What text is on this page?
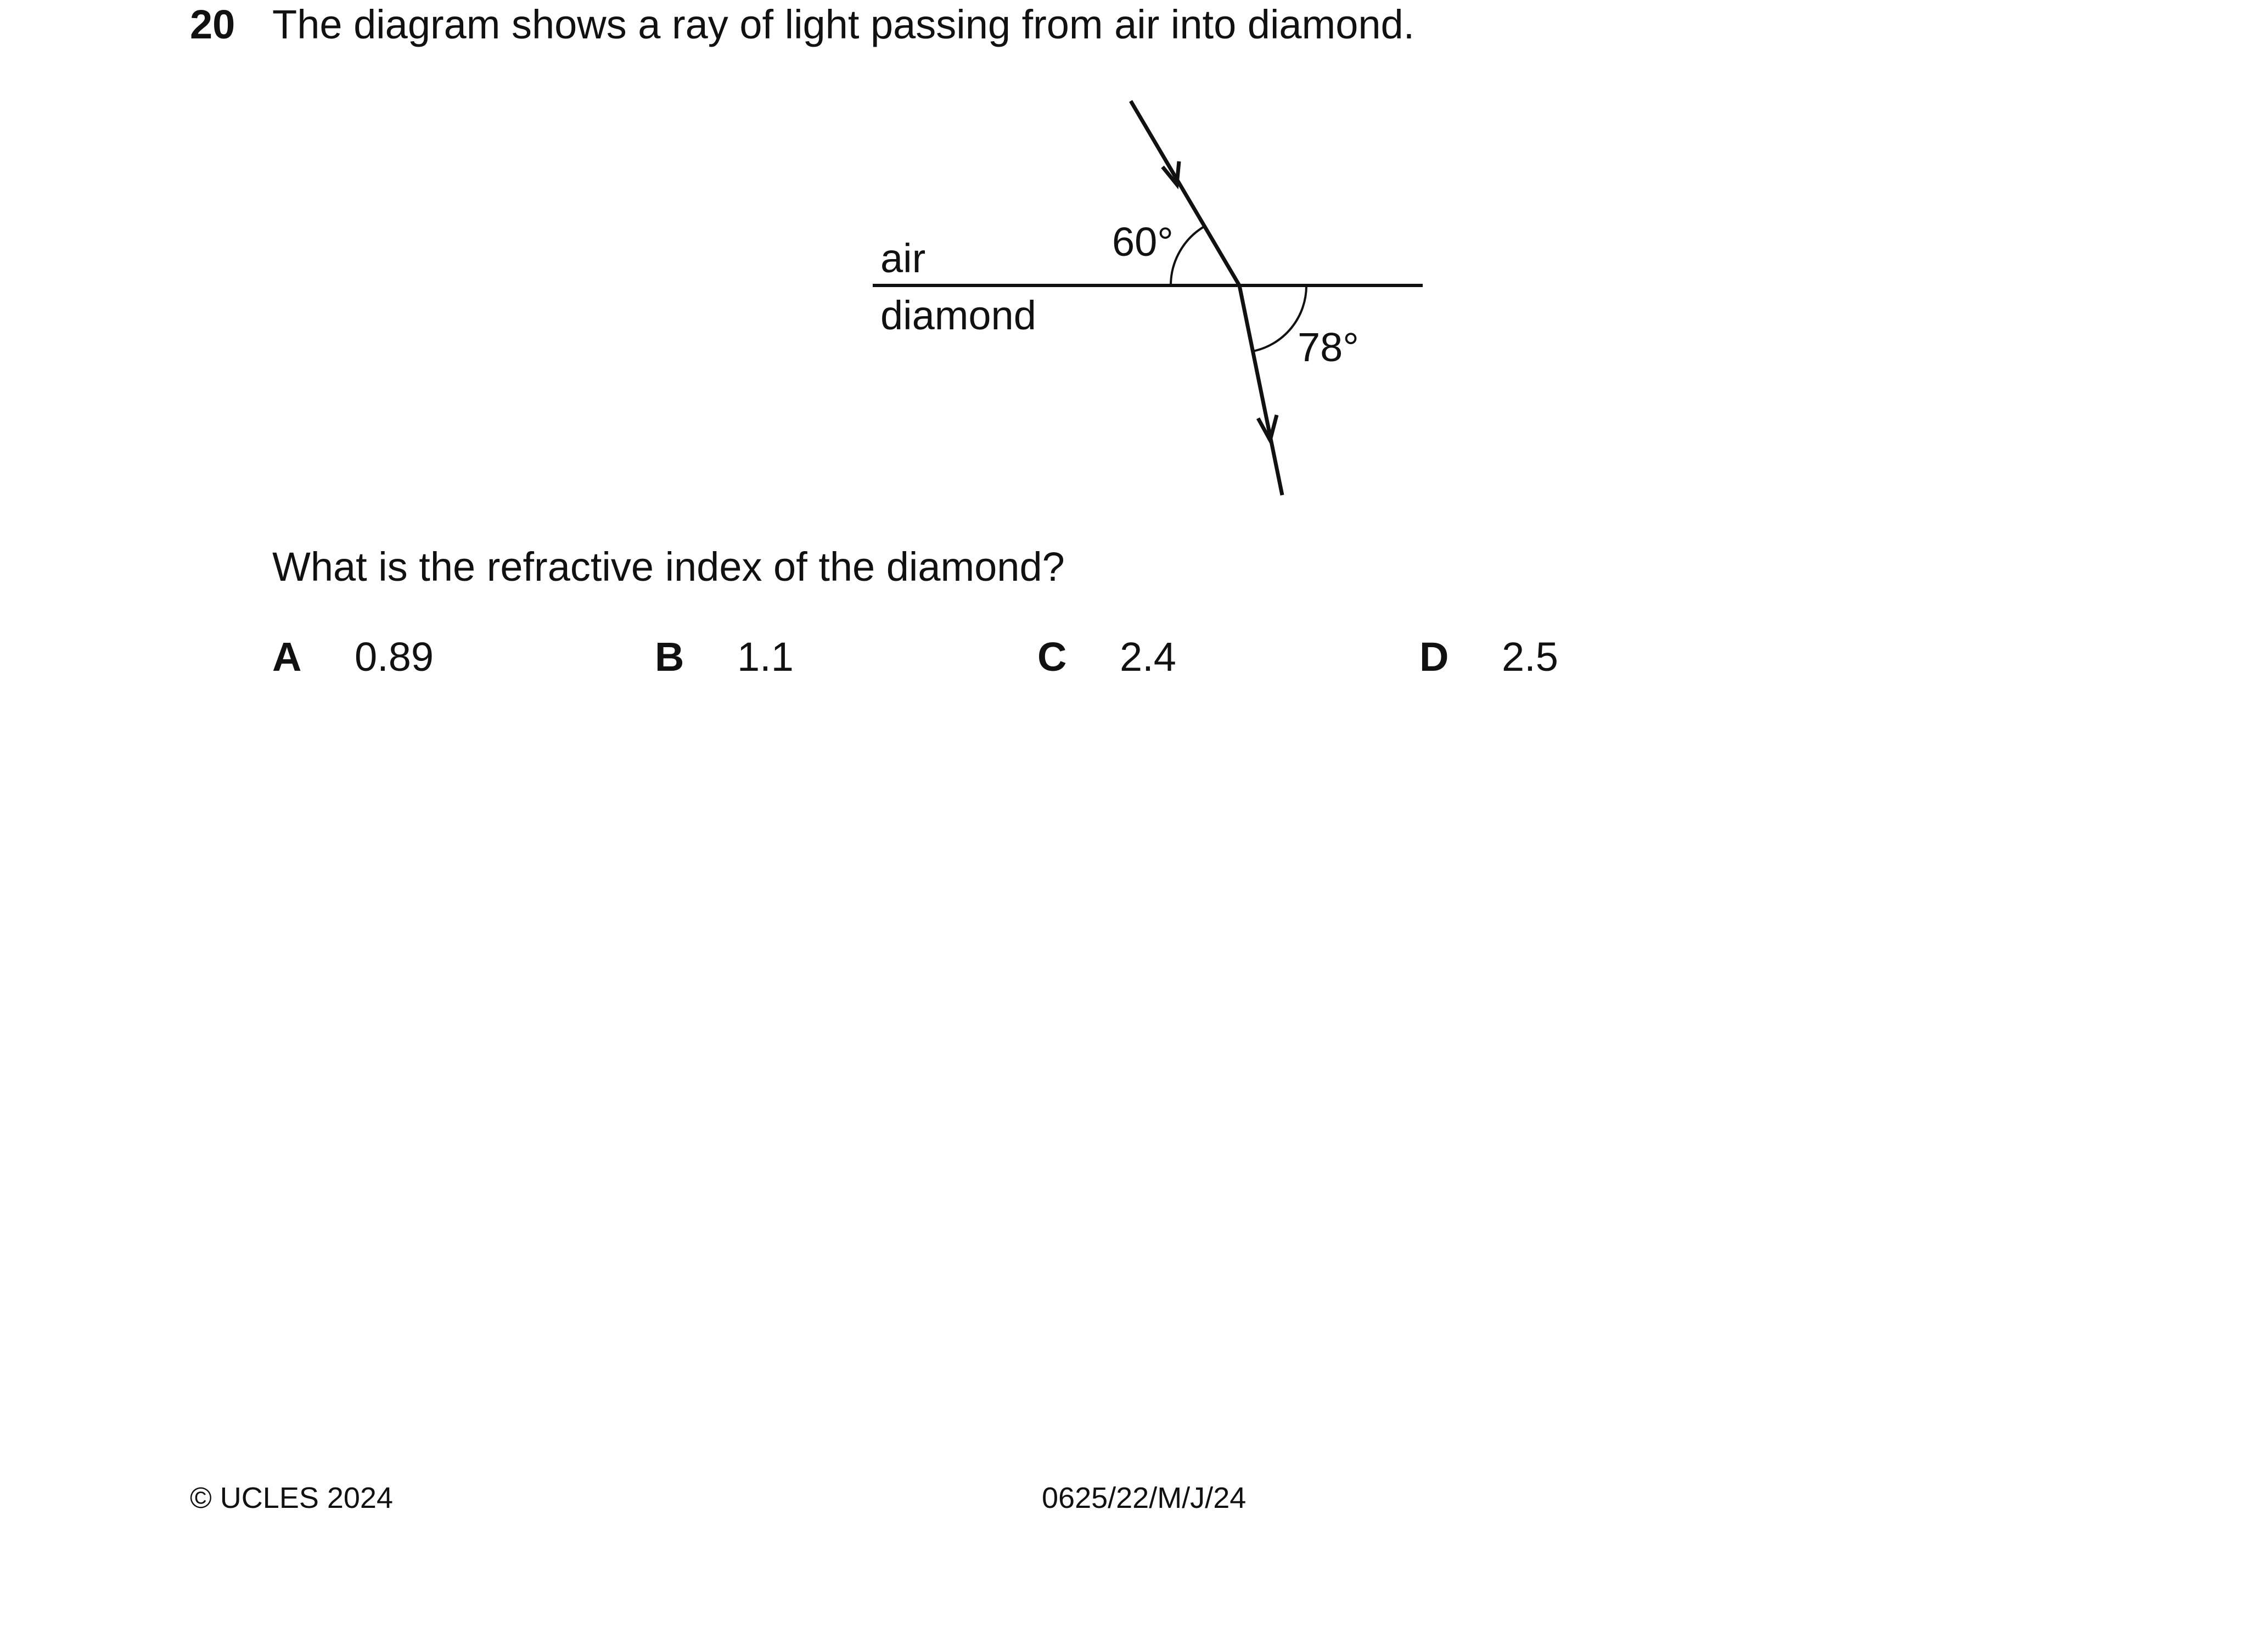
20 The diagram shows a ray of light passing from air into diamond.
air
diamond
60°
78°
What is the refractive index of the diamond?
A 0.89	B 1.1	C 2.4	D 2.5
© UCLES 2024	0625/22/M/J/24
